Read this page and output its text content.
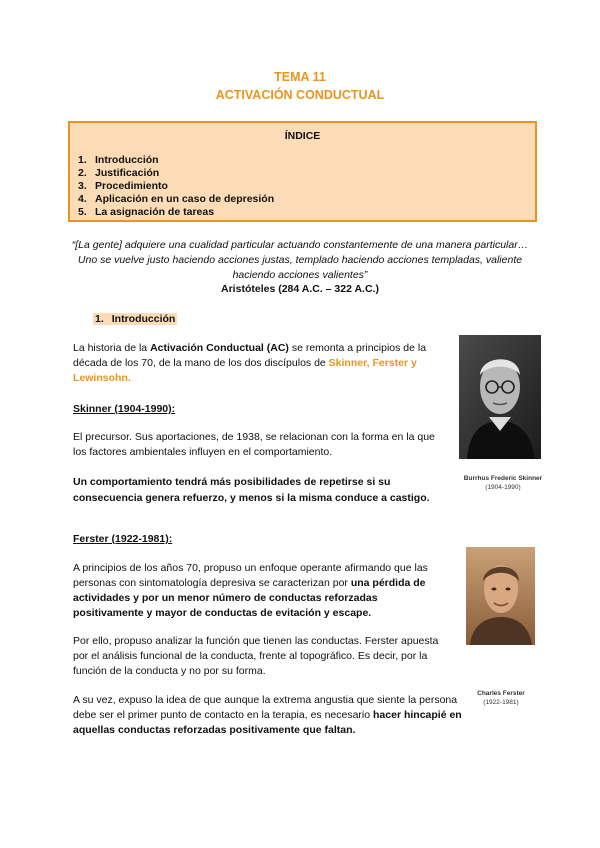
TEMA 11
ACTIVACIÓN CONDUCTUAL
ÍNDICE
1. Introducción
2. Justificación
3. Procedimiento
4. Aplicación en un caso de depresión
5. La asignación de tareas
“[La gente] adquiere una cualidad particular actuando constantemente de una manera particular… Uno se vuelve justo haciendo acciones justas, templado haciendo acciones templadas, valiente haciendo acciones valientes”
Aristóteles (284 A.C. – 322 A.C.)
1. Introducción

La historia de la Activación Conductual (AC) se remonta a principios de la década de los 70, de la mano de los dos discípulos de Skinner, Ferster y Lewinsohn.

Burrhus Frederic Skinner
(1904-1990)
Skinner (1904-1990):

El precursor. Sus aportaciones, de 1938, se relacionan con la forma en la que los factores ambientales influyen en el comportamiento.

Un comportamiento tendrá más posibilidades de repetirse si su consecuencia genera refuerzo, y menos si la misma conduce a castigo.

Ferster (1922-1981):

A principios de los años 70, propuso un enfoque operante afirmando que las personas con sintomatología depresiva se caracterizan por una pérdida de actividades y por un menor número de conductas reforzadas positivamente y mayor de conductas de evitación y escape.

Por ello, propuso analizar la función que tienen las conductas. Ferster apuesta por el análisis funcional de la conducta, frente al topográfico. Es decir, por la función de la conducta y no por su forma.

A su vez, expuso la idea de que aunque la extrema angustia que siente la persona debe ser el primer punto de contacto en la terapia, es necesario hacer hincapié en aquellas conductas reforzadas positivamente que faltan.

Charles Ferster
(1922-1981)
